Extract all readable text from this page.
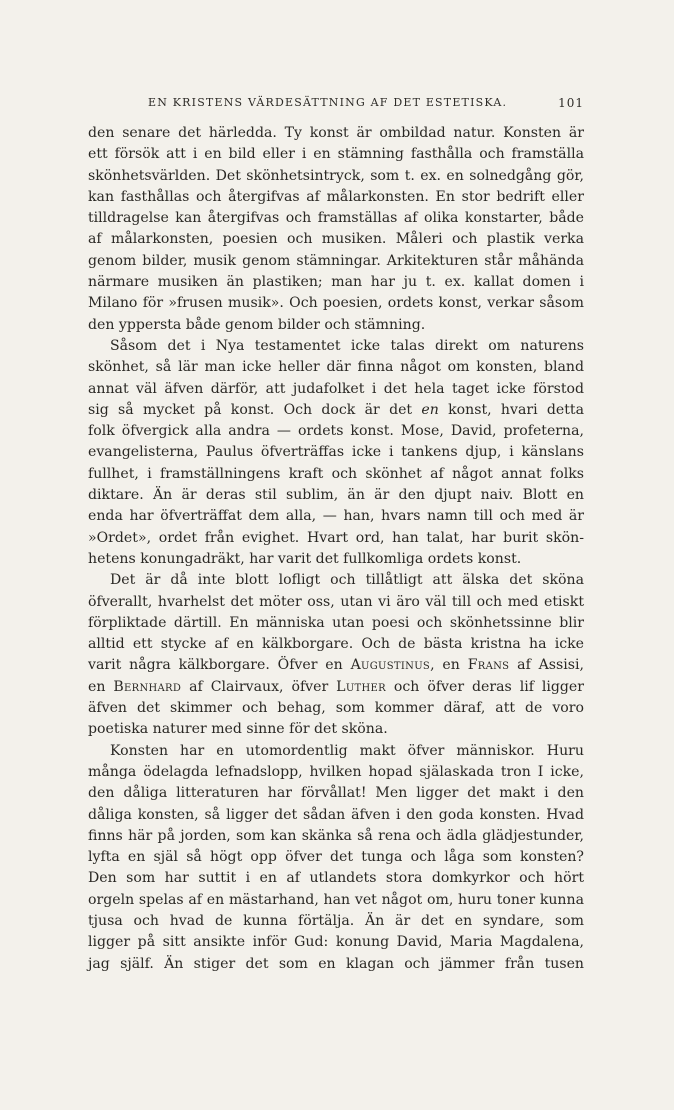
EN KRISTENS VÄRDESÄTTNING AF DET ESTETISKA.	101
den senare det härledda. Ty konst är ombildad natur. Konsten är
ett försök att i en bild eller i en stämning fasthålla och framställa
skönhetsvärlden. Det skönhetsintryck, som t. ex. en solnedgång gör,
kan fasthållas och återgifvas af målarkonsten. En stor bedrift eller
tilldragelse kan återgifvas och framställas af olika konstarter, både
af målarkonsten, poesien och musiken. Måleri och plastik verka
genom bilder, musik genom stämningar. Arkitekturen står måhända
närmare musiken än plastiken; man har ju t. ex. kallat domen i
Milano för »frusen musik». Och poesien, ordets konst, verkar såsom
den yppersta både genom bilder och stämning.
Såsom det i Nya testamentet icke talas direkt om naturens
skönhet, så lär man icke heller där finna något om konsten, bland
annat väl äfven därför, att judafolket i det hela taget icke förstod
sig så mycket på konst. Och dock är det en konst, hvari detta
folk öfvergick alla andra — ordets konst. Mose, David, profeterna,
evangelisterna, Paulus öfverträffas icke i tankens djup, i känslans
fullhet, i framställningens kraft och skönhet af något annat folks
diktare. Än är deras stil sublim, än är den djupt naiv. Blott en
enda har öfverträffat dem alla, — han, hvars namn till och med är
»Ordet», ordet från evighet. Hvart ord, han talat, har burit skön-
hetens konungadräkt, har varit det fullkomliga ordets konst.
Det är då inte blott lofligt och tillåtligt att älska det sköna
öfverallt, hvarhelst det möter oss, utan vi äro väl till och med etiskt
förpliktade därtill. En människa utan poesi och skönhetssinne blir
alltid ett stycke af en kälkborgare. Och de bästa kristna ha icke
varit några kälkborgare. Öfver en Augustinus, en Frans af Assisi,
en Bernhard af Clairvaux, öfver Luther och öfver deras lif ligger
äfven det skimmer och behag, som kommer däraf, att de voro
poetiska naturer med sinne för det sköna.
Konsten har en utomordentlig makt öfver människor. Huru
många ödelagda lefnadslopp, hvilken hopad själaskada tron I icke,
den dåliga litteraturen har förvållat! Men ligger det makt i den
dåliga konsten, så ligger det sådan äfven i den goda konsten. Hvad
finns här på jorden, som kan skänka så rena och ädla glädjestunder,
lyfta en själ så högt opp öfver det tunga och låga som konsten?
Den som har suttit i en af utlandets stora domkyrkor och hört
orgeln spelas af en mästarhand, han vet något om, huru toner kunna
tjusa och hvad de kunna förtälja. Än är det en syndare, som
ligger på sitt ansikte inför Gud: konung David, Maria Magdalena,
jag själf. Än stiger det som en klagan och jämmer från tusen
